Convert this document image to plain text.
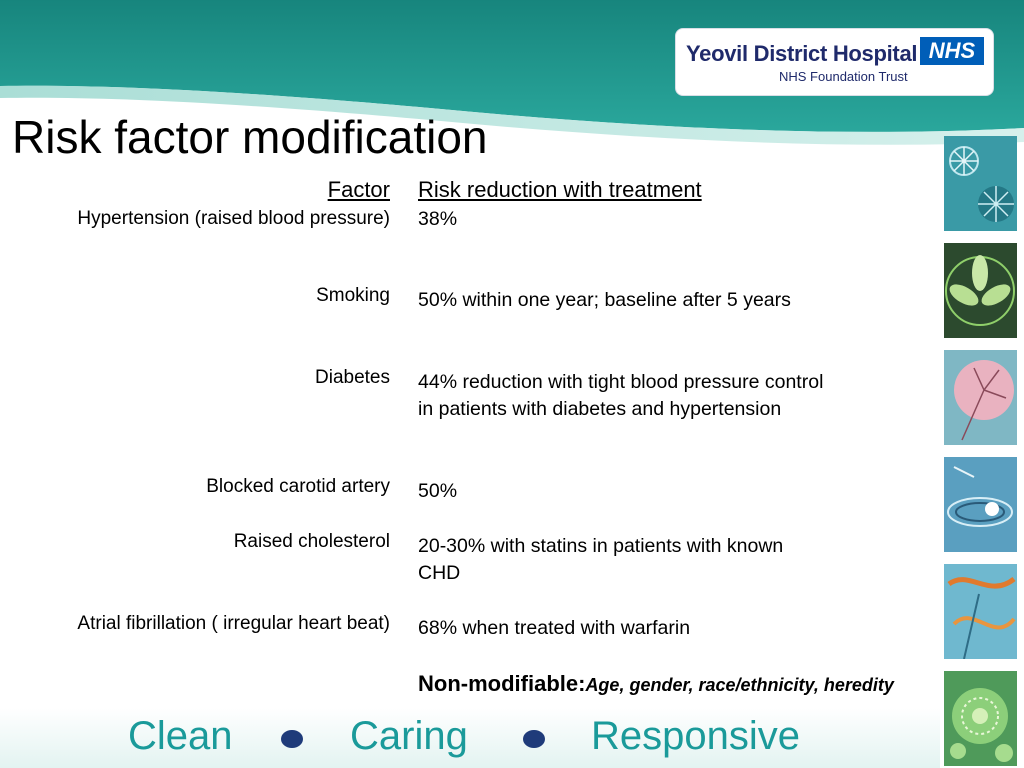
Yeovil District Hospital NHS
NHS Foundation Trust
Risk factor modification
Factor Risk reduction with treatment
Hypertension (raised blood pressure)
Smoking
Diabetes
Blocked carotid artery
Raised cholesterol
Atrial fibrillation ( irregular heart beat)
38%
50% within one year; baseline after 5 years
44% reduction with tight blood pressure control in patients with diabetes and hypertension
50%
20-30% with statins in patients with known CHD
68% when treated with warfarin
Non-modifiable:Age, gender, race/ethnicity, heredity
Clean	Caring	Responsive
